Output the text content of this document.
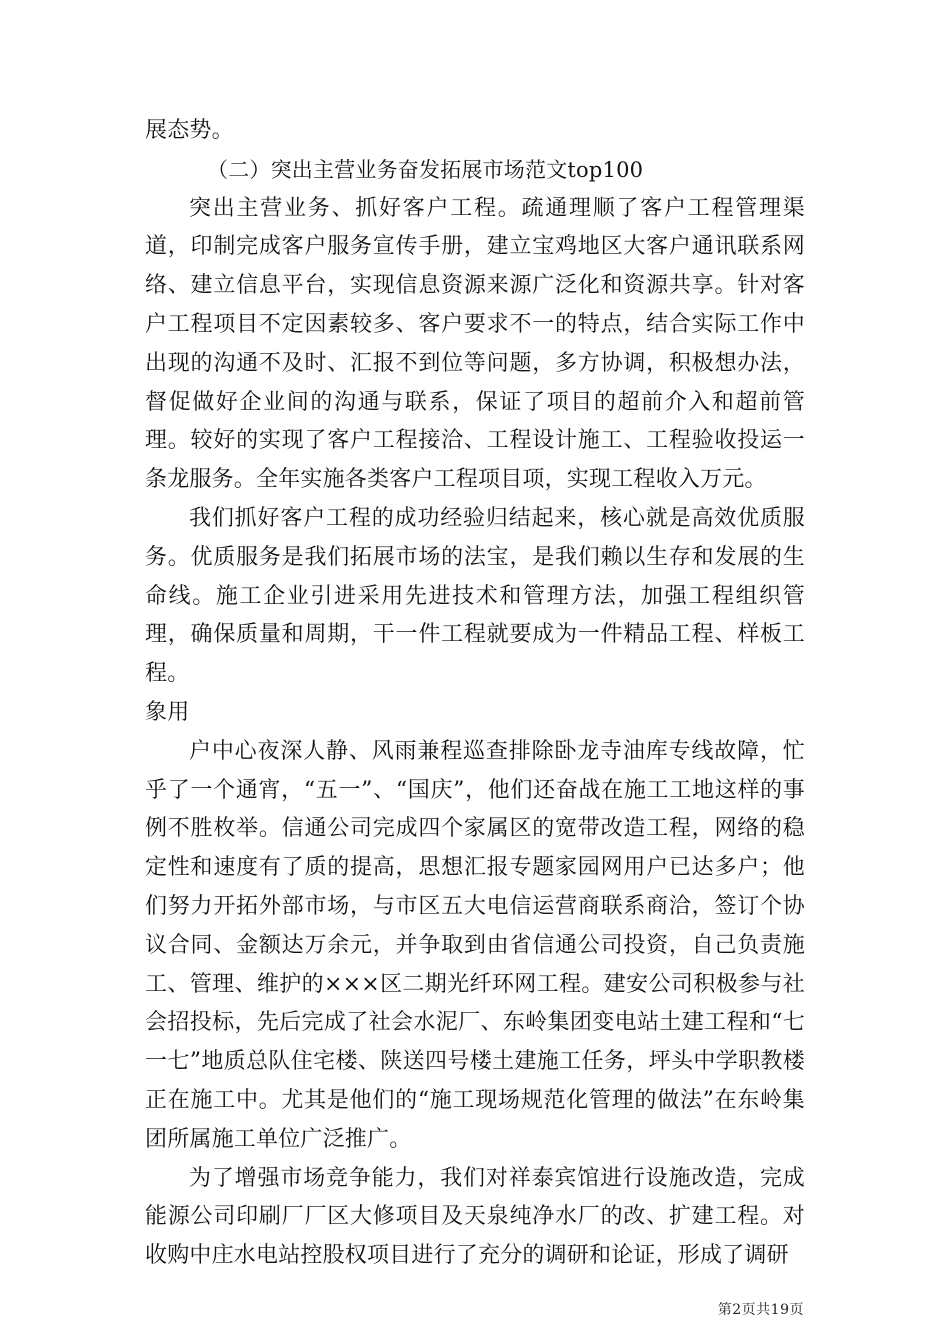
展态势。

（二）突出主营业务奋发拓展市场范文top100

突出主营业务、抓好客户工程。疏通理顺了客户工程管理渠道，印制完成客户服务宣传手册，建立宝鸡地区大客户通讯联系网络、建立信息平台，实现信息资源来源广泛化和资源共享。针对客户工程项目不定因素较多、客户要求不一的特点，结合实际工作中出现的沟通不及时、汇报不到位等问题，多方协调，积极想办法，督促做好企业间的沟通与联系，保证了项目的超前介入和超前管理。较好的实现了客户工程接洽、工程设计施工、工程验收投运一条龙服务。全年实施各类客户工程项目项，实现工程收入万元。

我们抓好客户工程的成功经验归结起来，核心就是高效优质服务。优质服务是我们拓展市场的法宝，是我们赖以生存和发展的生命线。施工企业引进采用先进技术和管理方法，加强工程组织管理，确保质量和周期，干一件工程就要成为一件精品工程、样板工程。

象用

户中心夜深人静、风雨兼程巡查排除卧龙寺油库专线故障，忙乎了一个通宵，“五一”、“国庆”，他们还奋战在施工工地这样的事例不胜枚举。信通公司完成四个家属区的宽带改造工程，网络的稳定性和速度有了质的提高，思想汇报专题家园网用户已达多户；他们努力开拓外部市场，与市区五大电信运营商联系商洽，签订个协议合同、金额达万余元，并争取到由省信通公司投资，自己负责施工、管理、维护的×××区二期光纤环网工程。建安公司积极参与社会招投标，先后完成了社会水泥厂、东岭集团变电站土建工程和“七一七”地质总队住宅楼、陕送四号楼土建施工任务，坪头中学职教楼正在施工中。尤其是他们的“施工现场规范化管理的做法”在东岭集团所属施工单位广泛推广。

为了增强市场竞争能力，我们对祥泰宾馆进行设施改造，完成能源公司印刷厂厂区大修项目及天泉纯净水厂的改、扩建工程。对收购中庄水电站控股权项目进行了充分的调研和论证，形成了调研

第2页共19页
